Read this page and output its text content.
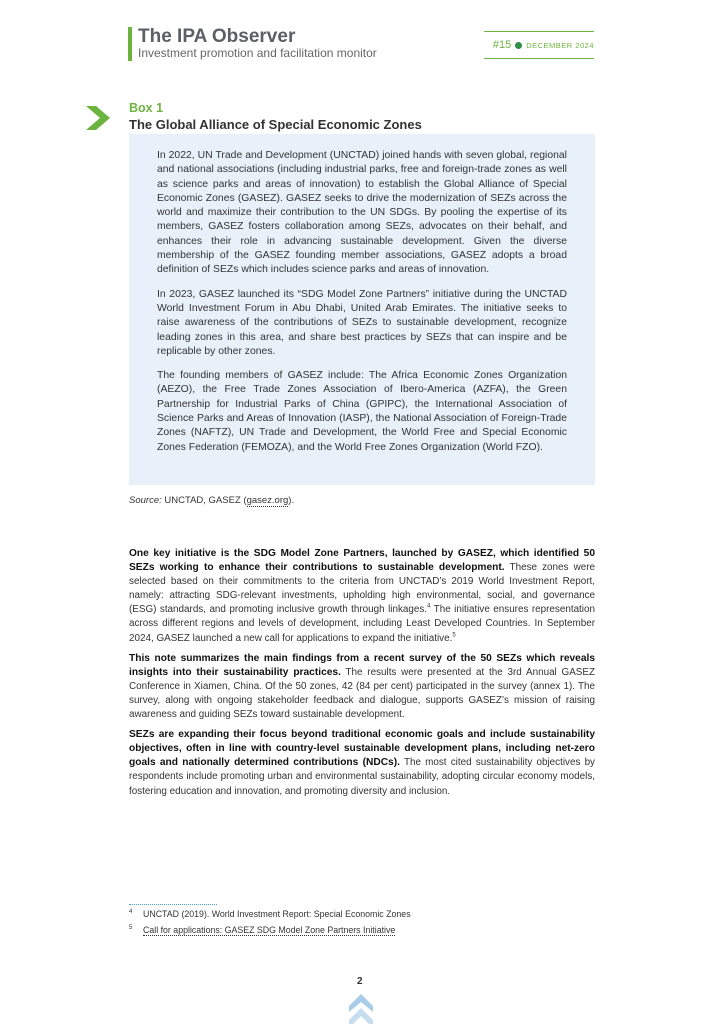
The IPA Observer
Investment promotion and facilitation monitor
#15 DECEMBER 2024
Box 1
The Global Alliance of Special Economic Zones

In 2022, UN Trade and Development (UNCTAD) joined hands with seven global, regional and national associations (including industrial parks, free and foreign-trade zones as well as science parks and areas of innovation) to establish the Global Alliance of Special Economic Zones (GASEZ). GASEZ seeks to drive the modernization of SEZs across the world and maximize their contribution to the UN SDGs. By pooling the expertise of its members, GASEZ fosters collaboration among SEZs, advocates on their behalf, and enhances their role in advancing sustainable development. Given the diverse membership of the GASEZ founding member associations, GASEZ adopts a broad definition of SEZs which includes science parks and areas of innovation.

In 2023, GASEZ launched its “SDG Model Zone Partners” initiative during the UNCTAD World Investment Forum in Abu Dhabi, United Arab Emirates. The initiative seeks to raise awareness of the contributions of SEZs to sustainable development, recognize leading zones in this area, and share best practices by SEZs that can inspire and be replicable by other zones.

The founding members of GASEZ include: The Africa Economic Zones Organization (AEZO), the Free Trade Zones Association of Ibero-America (AZFA), the Green Partnership for Industrial Parks of China (GPIPC), the International Association of Science Parks and Areas of Innovation (IASP), the National Association of Foreign-Trade Zones (NAFTZ), UN Trade and Development, the World Free and Special Economic Zones Federation (FEMOZA), and the World Free Zones Organization (World FZO).

Source: UNCTAD, GASEZ (gasez.org).

One key initiative is the SDG Model Zone Partners, launched by GASEZ, which identified 50 SEZs working to enhance their contributions to sustainable development. These zones were selected based on their commitments to the criteria from UNCTAD’s 2019 World Investment Report, namely: attracting SDG-relevant investments, upholding high environmental, social, and governance (ESG) standards, and promoting inclusive growth through linkages.$^4$ The initiative ensures representation across different regions and levels of development, including Least Developed Countries. In September 2024, GASEZ launched a new call for applications to expand the initiative.$^5$

This note summarizes the main findings from a recent survey of the 50 SEZs which reveals insights into their sustainability practices. The results were presented at the 3rd Annual GASEZ Conference in Xiamen, China. Of the 50 zones, 42 (84 per cent) participated in the survey (annex 1). The survey, along with ongoing stakeholder feedback and dialogue, supports GASEZ’s mission of raising awareness and guiding SEZs toward sustainable development.

SEZs are expanding their focus beyond traditional economic goals and include sustainability objectives, often in line with country-level sustainable development plans, including net-zero goals and nationally determined contributions (NDCs). The most cited sustainability objectives by respondents include promoting urban and environmental sustainability, adopting circular economy models, fostering education and innovation, and promoting diversity and inclusion.

4 UNCTAD (2019). World Investment Report: Special Economic Zones
5 Call for applications: GASEZ SDG Model Zone Partners Initiative
2
